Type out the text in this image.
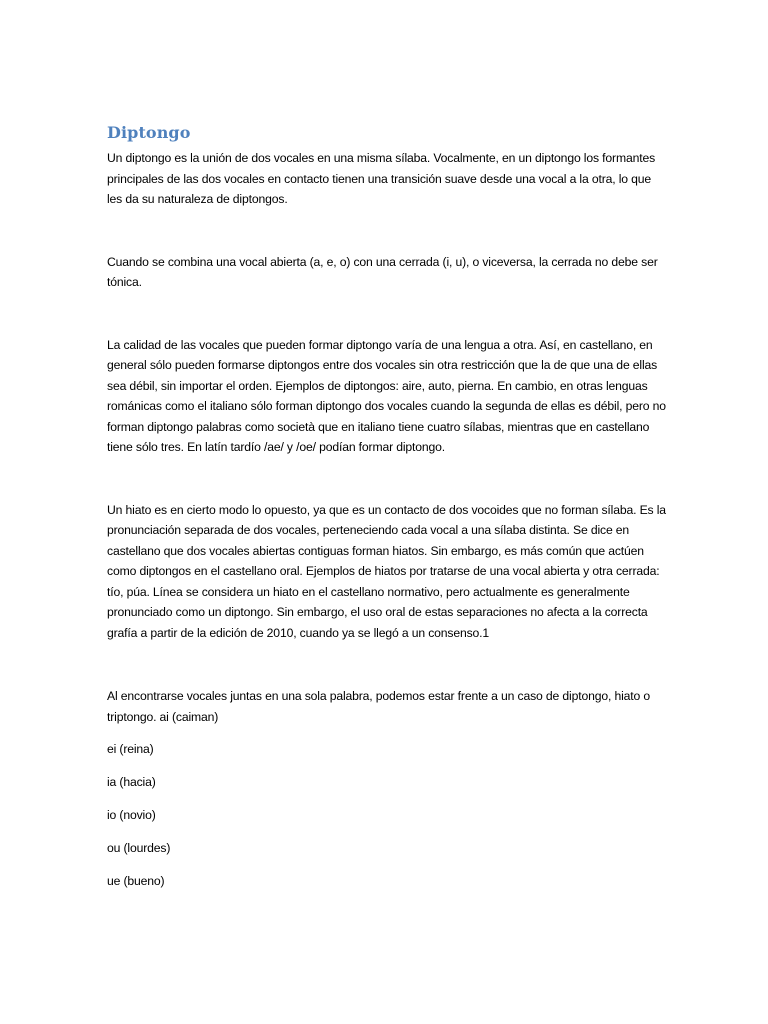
Diptongo

Un diptongo es la unión de dos vocales en una misma sílaba. Vocalmente, en un diptongo los formantes principales de las dos vocales en contacto tienen una transición suave desde una vocal a la otra, lo que les da su naturaleza de diptongos.

Cuando se combina una vocal abierta (a, e, o) con una cerrada (i, u), o viceversa, la cerrada no debe ser tónica.

La calidad de las vocales que pueden formar diptongo varía de una lengua a otra. Así, en castellano, en general sólo pueden formarse diptongos entre dos vocales sin otra restricción que la de que una de ellas sea débil, sin importar el orden. Ejemplos de diptongos: aire, auto, pierna. En cambio, en otras lenguas románicas como el italiano sólo forman diptongo dos vocales cuando la segunda de ellas es débil, pero no forman diptongo palabras como società que en italiano tiene cuatro sílabas, mientras que en castellano tiene sólo tres. En latín tardío /ae/ y /oe/ podían formar diptongo.

Un hiato es en cierto modo lo opuesto, ya que es un contacto de dos vocoides que no forman sílaba. Es la pronunciación separada de dos vocales, perteneciendo cada vocal a una sílaba distinta. Se dice en castellano que dos vocales abiertas contiguas forman hiatos. Sin embargo, es más común que actúen como diptongos en el castellano oral. Ejemplos de hiatos por tratarse de una vocal abierta y otra cerrada: tío, púa. Línea se considera un hiato en el castellano normativo, pero actualmente es generalmente pronunciado como un diptongo. Sin embargo, el uso oral de estas separaciones no afecta a la correcta grafía a partir de la edición de 2010, cuando ya se llegó a un consenso.1

Al encontrarse vocales juntas en una sola palabra, podemos estar frente a un caso de diptongo, hiato o triptongo. ai (caiman)

ei (reina)

ia (hacia)

io (novio)

ou (lourdes)

ue (bueno)
